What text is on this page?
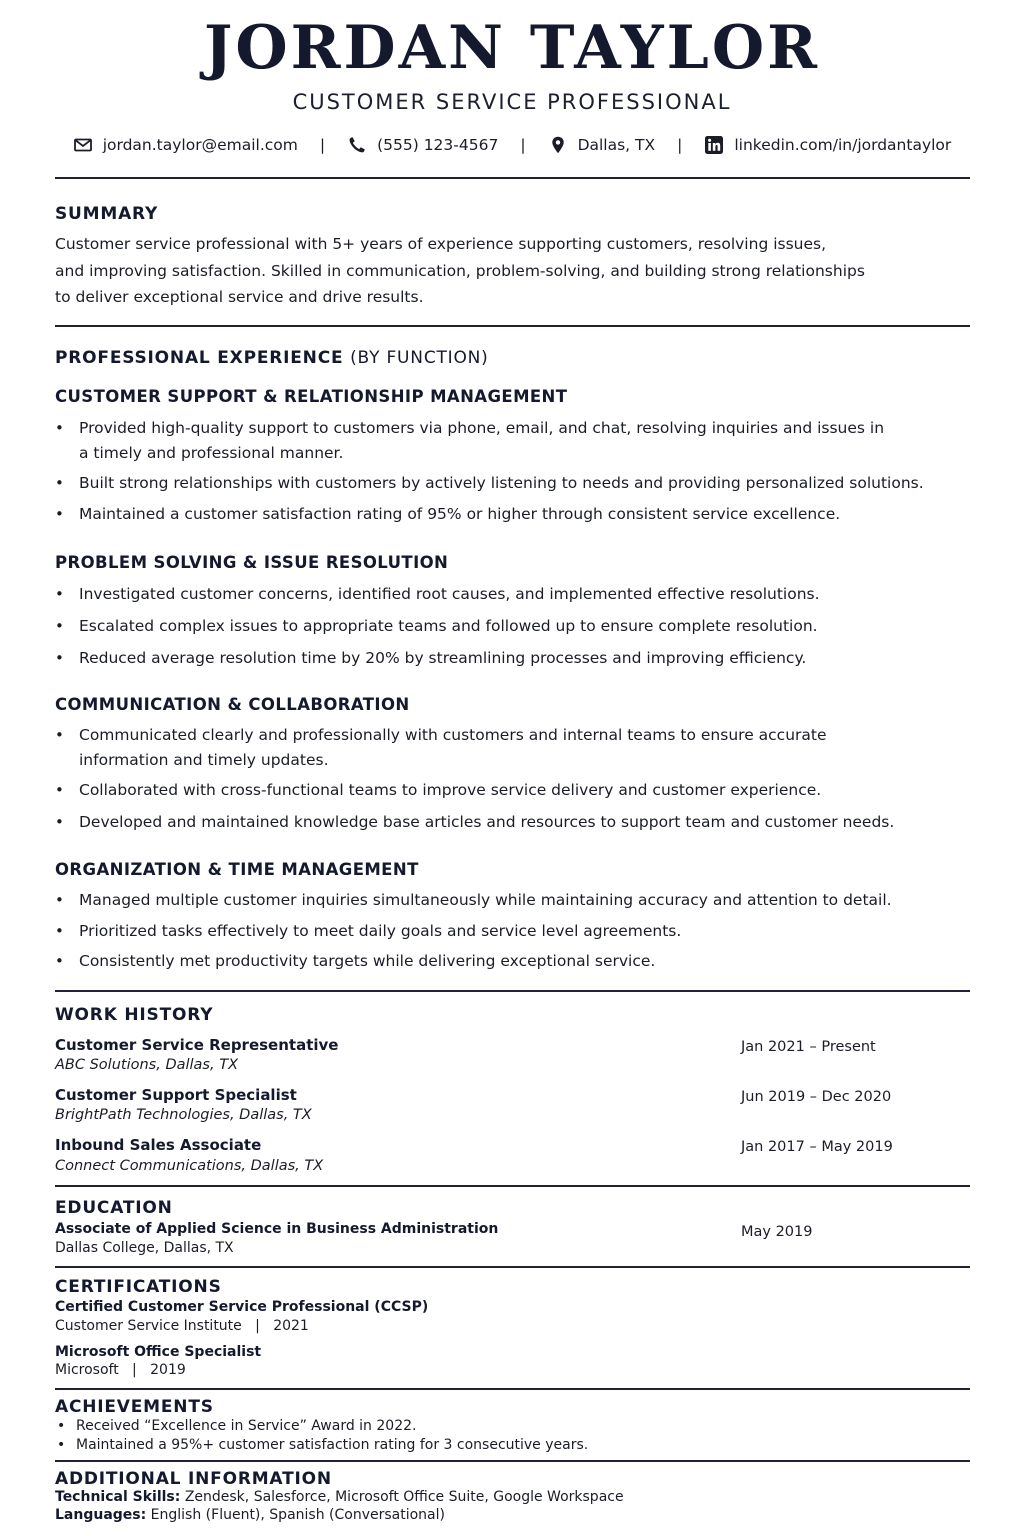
JORDAN TAYLOR
CUSTOMER SERVICE PROFESSIONAL
jordan.taylor@email.com |	(555) 123-4567 |	Dallas, TX |	linkedin.com/in/jordantaylor
SUMMARY
Customer service professional with 5+ years of experience supporting customers, resolving issues,
and improving satisfaction. Skilled in communication, problem-solving, and building strong relationships
to deliver exceptional service and drive results.
PROFESSIONAL EXPERIENCE (BY FUNCTION)
CUSTOMER SUPPORT & RELATIONSHIP MANAGEMENT
• Provided high-quality support to customers via phone, email, and chat, resolving inquiries and issues in a timely and professional manner.
• Built strong relationships with customers by actively listening to needs and providing personalized solutions.
• Maintained a customer satisfaction rating of 95% or higher through consistent service excellence.
PROBLEM SOLVING & ISSUE RESOLUTION
• Investigated customer concerns, identified root causes, and implemented effective resolutions.
• Escalated complex issues to appropriate teams and followed up to ensure complete resolution.
• Reduced average resolution time by 20% by streamlining processes and improving efficiency.
COMMUNICATION & COLLABORATION
• Communicated clearly and professionally with customers and internal teams to ensure accurate information and timely updates.
• Collaborated with cross-functional teams to improve service delivery and customer experience.
• Developed and maintained knowledge base articles and resources to support team and customer needs.
ORGANIZATION & TIME MANAGEMENT
• Managed multiple customer inquiries simultaneously while maintaining accuracy and attention to detail.
• Prioritized tasks effectively to meet daily goals and service level agreements.
• Consistently met productivity targets while delivering exceptional service.
WORK HISTORY
Customer Service Representative
ABC Solutions, Dallas, TX
Jan 2021 – Present
Customer Support Specialist
BrightPath Technologies, Dallas, TX
Jun 2019 – Dec 2020
Inbound Sales Associate
Connect Communications, Dallas, TX
Jan 2017 – May 2019
EDUCATION
Associate of Applied Science in Business Administration
Dallas College, Dallas, TX
May 2019
CERTIFICATIONS
Certified Customer Service Professional (CCSP)
Customer Service Institute   |   2021
Microsoft Office Specialist
Microsoft   |   2019
ACHIEVEMENTS
• Received “Excellence in Service” Award in 2022.
• Maintained a 95%+ customer satisfaction rating for 3 consecutive years.
ADDITIONAL INFORMATION
Technical Skills: Zendesk, Salesforce, Microsoft Office Suite, Google Workspace
Languages: English (Fluent), Spanish (Conversational)
